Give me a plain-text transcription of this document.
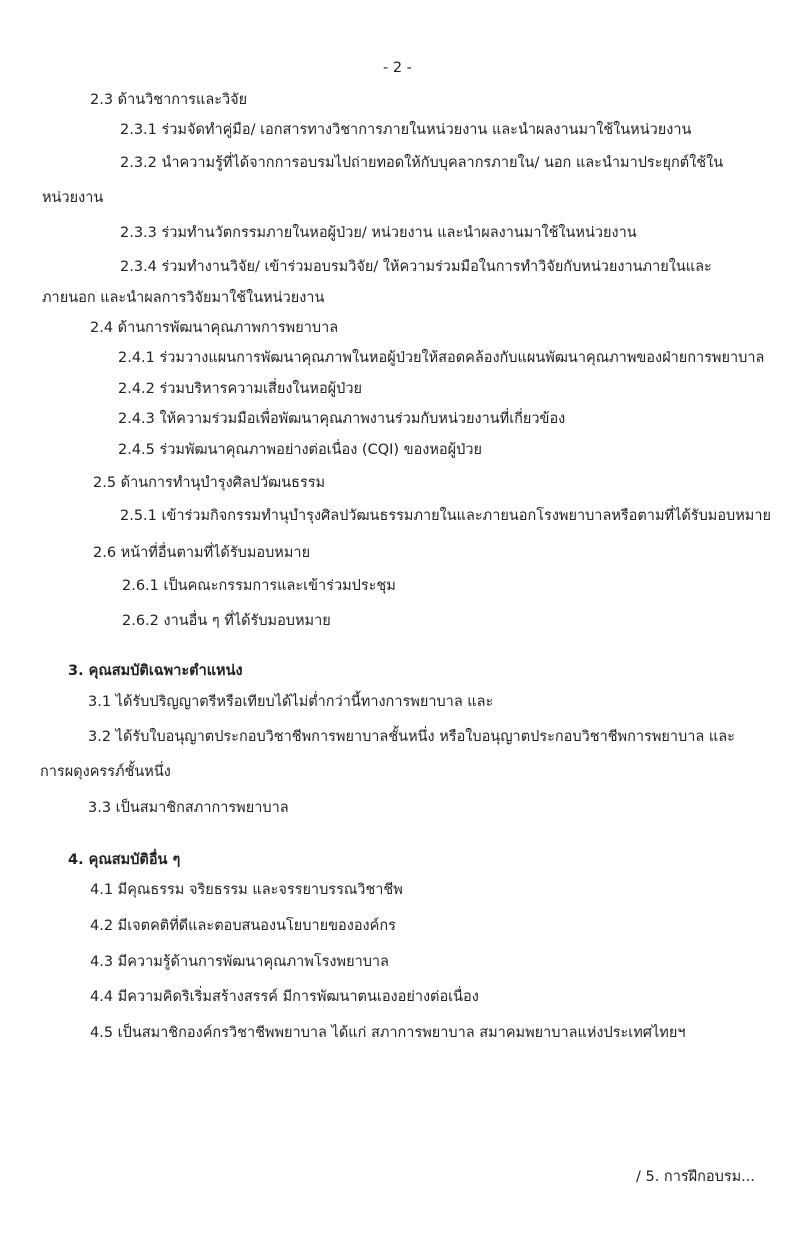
- 2 -
2.3 ด้านวิชาการและวิจัย
2.3.1 ร่วมจัดทำคู่มือ/ เอกสารทางวิชาการภายในหน่วยงาน และนำผลงานมาใช้ในหน่วยงาน
2.3.2 นำความรู้ที่ได้จากการอบรมไปถ่ายทอดให้กับบุคลากรภายใน/ นอก และนำมาประยุกต์ใช้ใน
หน่วยงาน
2.3.3 ร่วมทำนวัตกรรมภายในหอผู้ป่วย/ หน่วยงาน และนำผลงานมาใช้ในหน่วยงาน
2.3.4 ร่วมทำงานวิจัย/ เข้าร่วมอบรมวิจัย/ ให้ความร่วมมือในการทำวิจัยกับหน่วยงานภายในและ
ภายนอก และนำผลการวิจัยมาใช้ในหน่วยงาน
2.4 ด้านการพัฒนาคุณภาพการพยาบาล
2.4.1 ร่วมวางแผนการพัฒนาคุณภาพในหอผู้ป่วยให้สอดคล้องกับแผนพัฒนาคุณภาพของฝ่ายการพยาบาล
2.4.2 ร่วมบริหารความเสี่ยงในหอผู้ป่วย
2.4.3 ให้ความร่วมมือเพื่อพัฒนาคุณภาพงานร่วมกับหน่วยงานที่เกี่ยวข้อง
2.4.5 ร่วมพัฒนาคุณภาพอย่างต่อเนื่อง (CQI) ของหอผู้ป่วย
2.5 ด้านการทำนุบำรุงศิลปวัฒนธรรม
2.5.1 เข้าร่วมกิจกรรมทำนุบำรุงศิลปวัฒนธรรมภายในและภายนอกโรงพยาบาลหรือตามที่ได้รับมอบหมาย
2.6 หน้าที่อื่นตามที่ได้รับมอบหมาย
2.6.1 เป็นคณะกรรมการและเข้าร่วมประชุม
2.6.2 งานอื่น ๆ ที่ได้รับมอบหมาย
3. คุณสมบัติเฉพาะตำแหน่ง
3.1 ได้รับปริญญาตรีหรือเทียบได้ไม่ต่ำกว่านี้ทางการพยาบาล และ
3.2 ได้รับใบอนุญาตประกอบวิชาชีพการพยาบาลชั้นหนึ่ง หรือใบอนุญาตประกอบวิชาชีพการพยาบาล และ
การผดุงครรภ์ชั้นหนึ่ง
3.3 เป็นสมาชิกสภาการพยาบาล
4. คุณสมบัติอื่น ๆ
4.1 มีคุณธรรม จริยธรรม และจรรยาบรรณวิชาชีพ
4.2 มีเจตคติที่ดีและตอบสนองนโยบายขององค์กร
4.3 มีความรู้ด้านการพัฒนาคุณภาพโรงพยาบาล
4.4 มีความคิดริเริ่มสร้างสรรค์ มีการพัฒนาตนเองอย่างต่อเนื่อง
4.5 เป็นสมาชิกองค์กรวิชาชีพพยาบาล ได้แก่ สภาการพยาบาล สมาคมพยาบาลแห่งประเทศไทยฯ
/ 5. การฝึกอบรม...
